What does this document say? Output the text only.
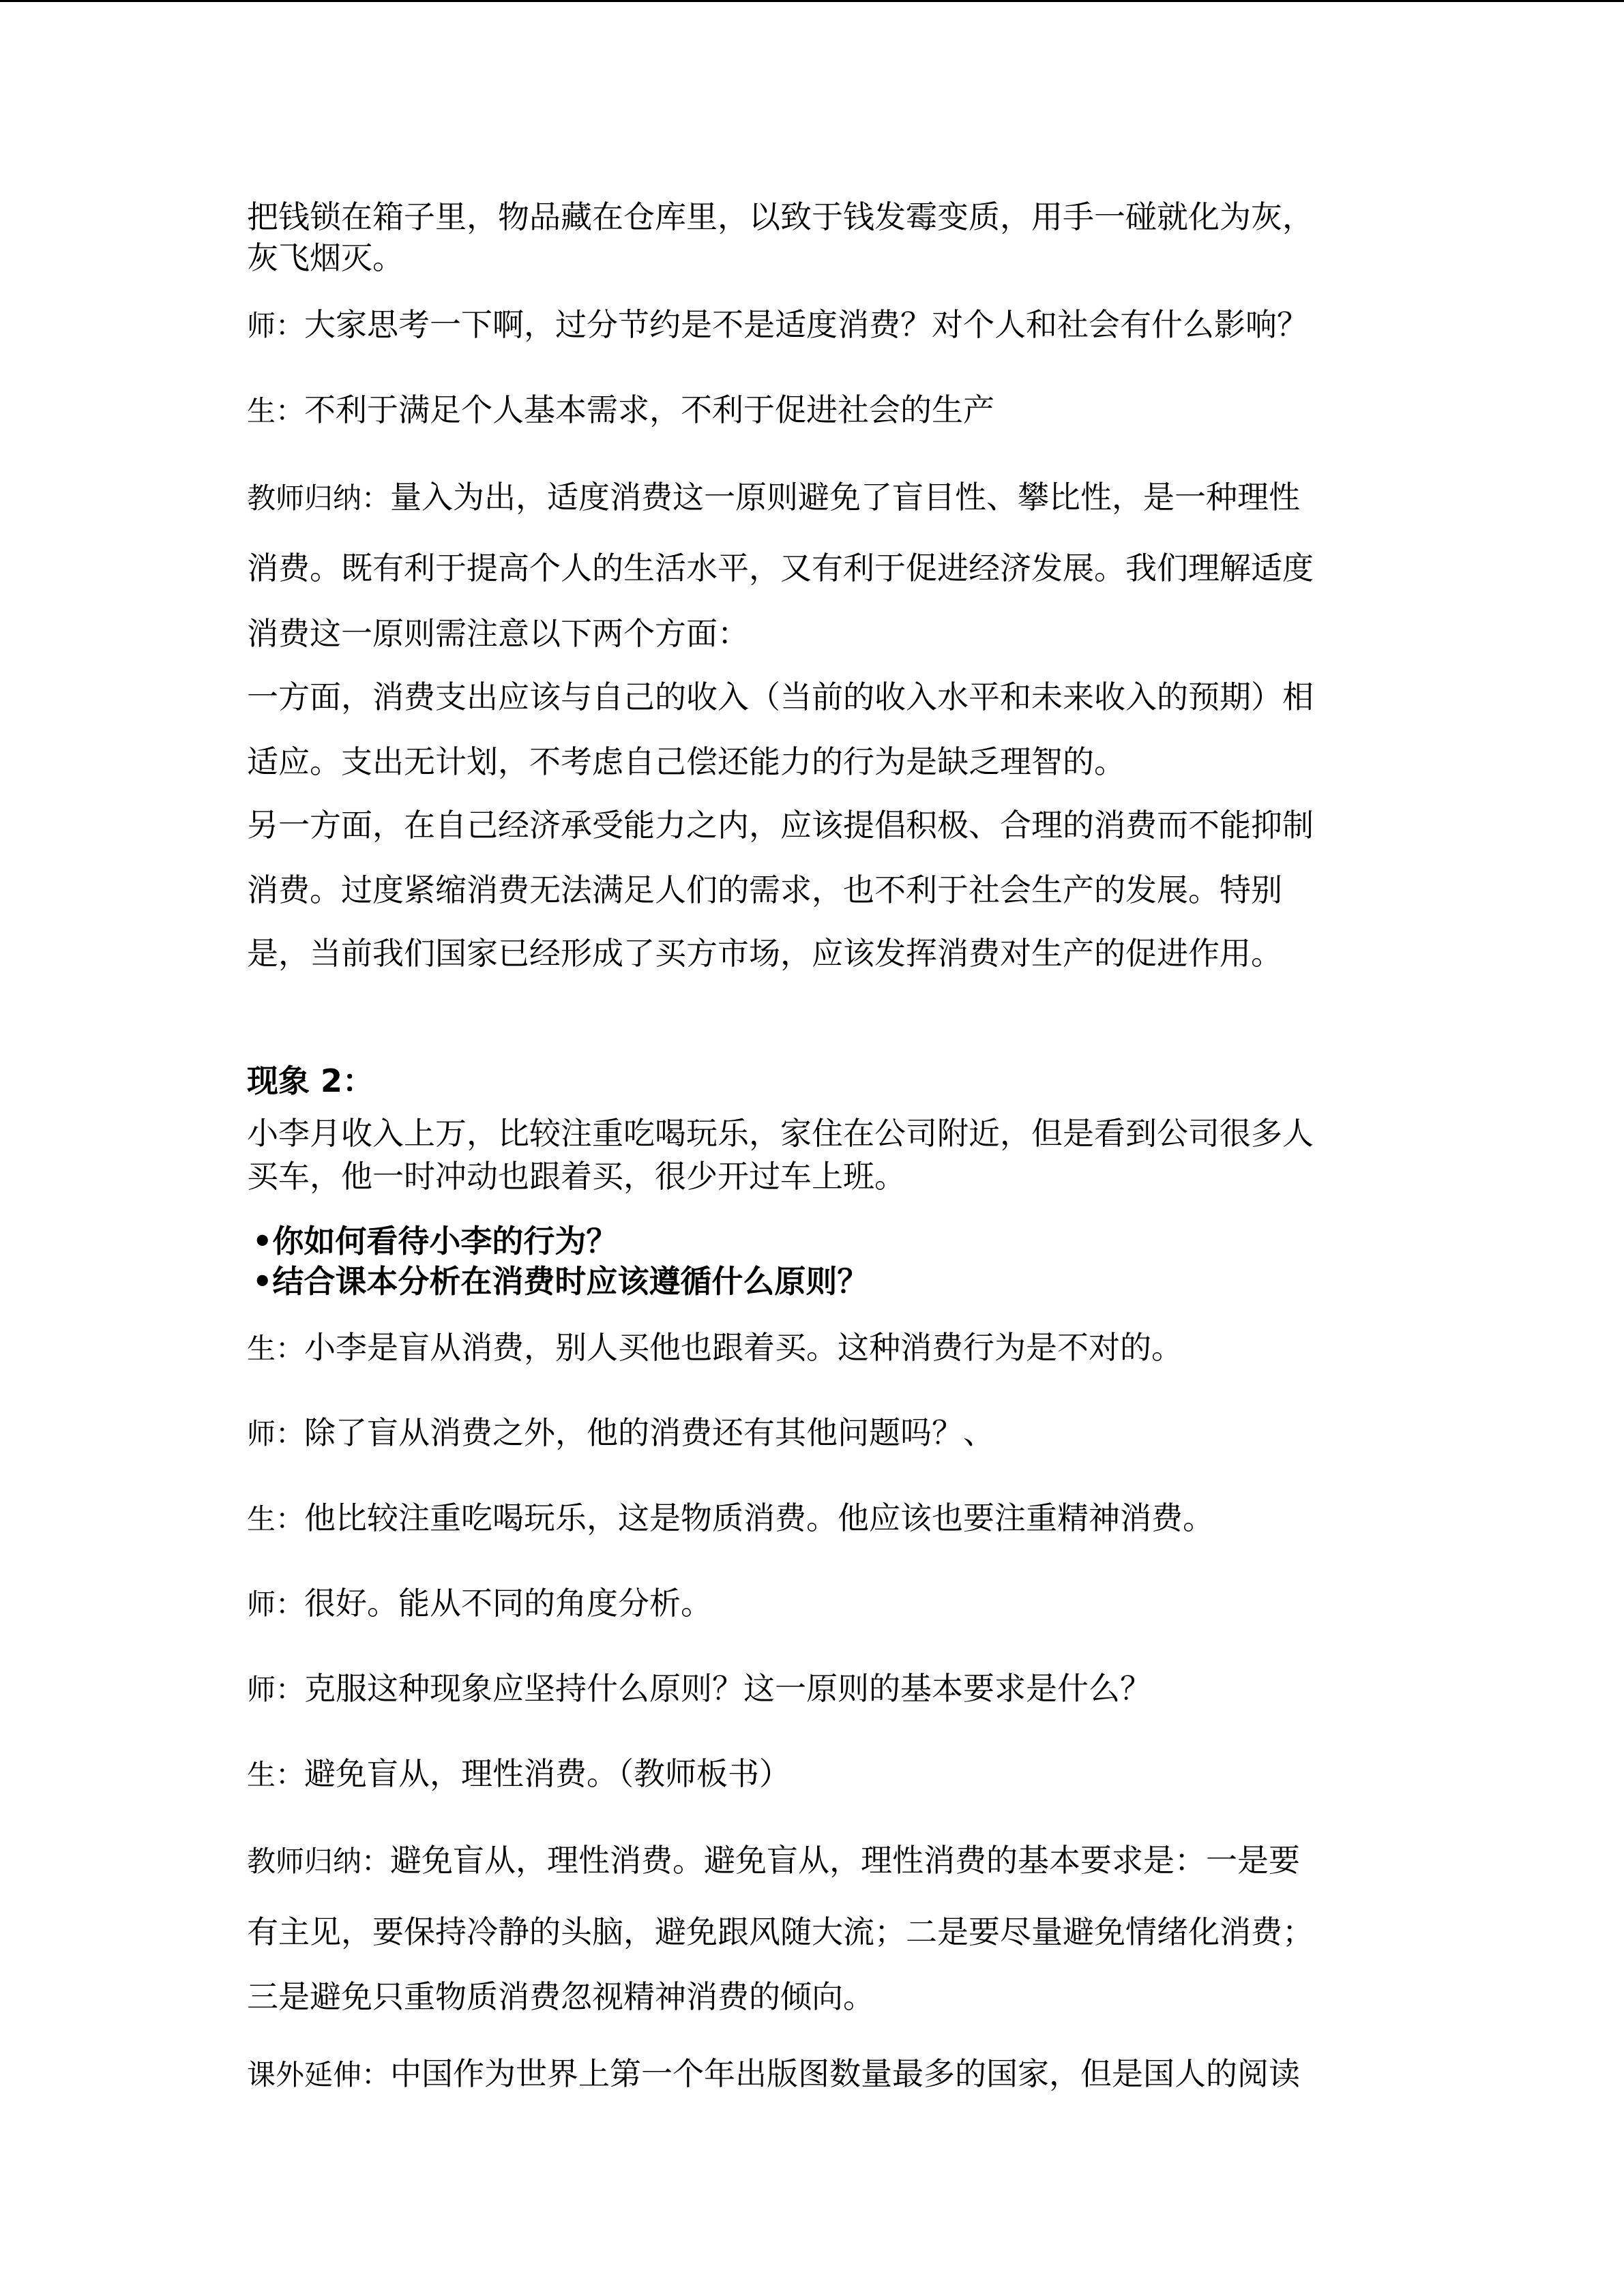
把钱锁在箱子里，物品藏在仓库里，以致于钱发霉变质，用手一碰就化为灰，
灰飞烟灭。
师：大家思考一下啊，过分节约是不是适度消费？对个人和社会有什么影响？
生：不利于满足个人基本需求，不利于促进社会的生产
教师归纳：量入为出，适度消费这一原则避免了盲目性、攀比性，是一种理性
消费。既有利于提高个人的生活水平，又有利于促进经济发展。我们理解适度
消费这一原则需注意以下两个方面：
一方面，消费支出应该与自己的收入（当前的收入水平和未来收入的预期）相
适应。支出无计划，不考虑自己偿还能力的行为是缺乏理智的。
另一方面，在自己经济承受能力之内，应该提倡积极、合理的消费而不能抑制
消费。过度紧缩消费无法满足人们的需求，也不利于社会生产的发展。特别
是，当前我们国家已经形成了买方市场，应该发挥消费对生产的促进作用。
现象 2：
小李月收入上万，比较注重吃喝玩乐，家住在公司附近，但是看到公司很多人
买车，他一时冲动也跟着买，很少开过车上班。
•你如何看待小李的行为？
•结合课本分析在消费时应该遵循什么原则？
生：小李是盲从消费，别人买他也跟着买。这种消费行为是不对的。
师：除了盲从消费之外，他的消费还有其他问题吗？、
生：他比较注重吃喝玩乐，这是物质消费。他应该也要注重精神消费。
师：很好。能从不同的角度分析。
师：克服这种现象应坚持什么原则？这一原则的基本要求是什么？
生：避免盲从，理性消费。（教师板书）
教师归纳：避免盲从，理性消费。避免盲从，理性消费的基本要求是：一是要
有主见，要保持冷静的头脑，避免跟风随大流；二是要尽量避免情绪化消费；
三是避免只重物质消费忽视精神消费的倾向。
课外延伸：中国作为世界上第一个年出版图数量最多的国家，但是国人的阅读
